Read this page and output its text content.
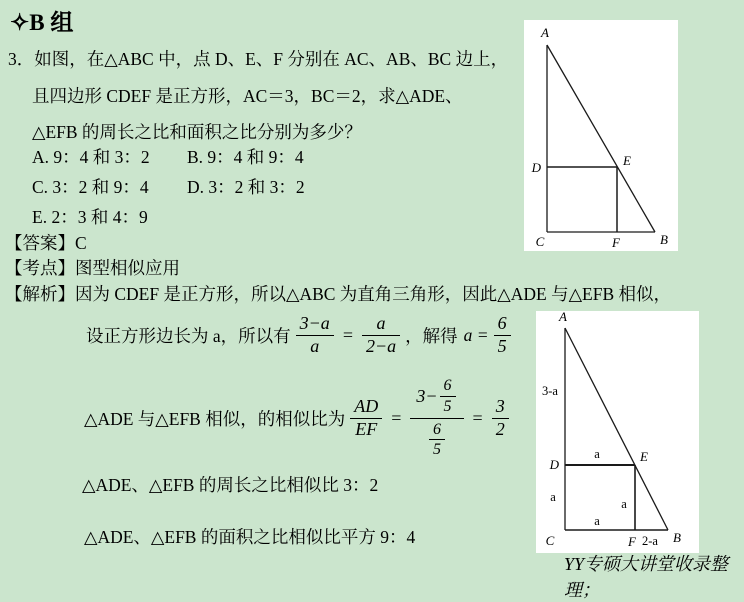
✧B 组
3．如图，在△ABC 中，点 D、E、F 分别在 AC、AB、BC 边上，
且四边形 CDEF 是正方形，AC＝3，BC＝2，求△ADE、
△EFB 的周长之比和面积之比分别为多少？
A. 9：4 和 3：2 B. 9：4 和 9：4
C. 3：2 和 9：4 D. 3：2 和 3：2
E. 2：3 和 4：9
【答案】C
【考点】图型相似应用
【解析】因为 CDEF 是正方形，所以△ABC 为直角三角形，因此△ADE 与△EFB 相似，
设正方形边长为 a，所以有 $\frac{3-a}{a} = \frac{a}{2-a}$ ，解得 $a = \frac{6}{5}$
△ADE 与△EFB 相似，的相似比为 $\frac{AD}{EF} = \frac{3- \frac{6}{5}}{\frac{6}{5}} = \frac{3}{2}$
△ADE、△EFB 的周长之比相似比 3：2
△ADE、△EFB 的面积之比相似比平方 9：4
YY专硕大讲堂收录整理；
A
D	E
C	F	B
A
3-a
D
a	E
a	a
a
C	F 2-a B
